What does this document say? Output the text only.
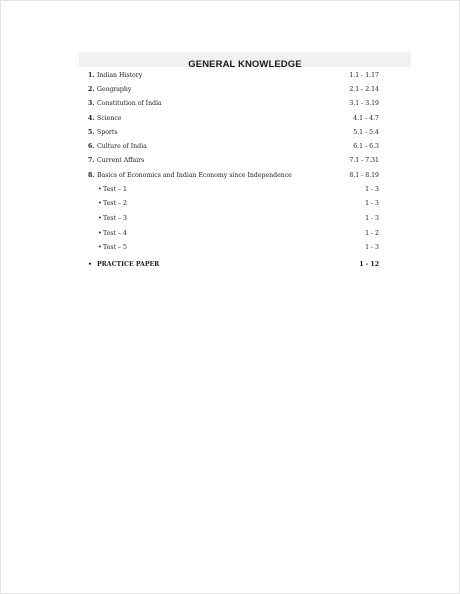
GENERAL KNOWLEDGE
1. Indian History	1.1 - 1.17
2. Geography	2.1 - 2.14
3. Constitution of India	3.1 - 3.19
4. Science	4.1 - 4.7
5. Sports	5.1 - 5.4
6. Culture of India	6.1 - 6.3
7. Current Affairs	7.1 - 7.31
8. Basics of Economics and Indian Economy since Independence	8.1 - 8.19
• Test – 1	1 - 3
• Test – 2	1 - 3
• Test – 3	1 - 3
• Test – 4	1 - 2
• Test – 5	1 - 3
• PRACTICE PAPER	1 - 12
